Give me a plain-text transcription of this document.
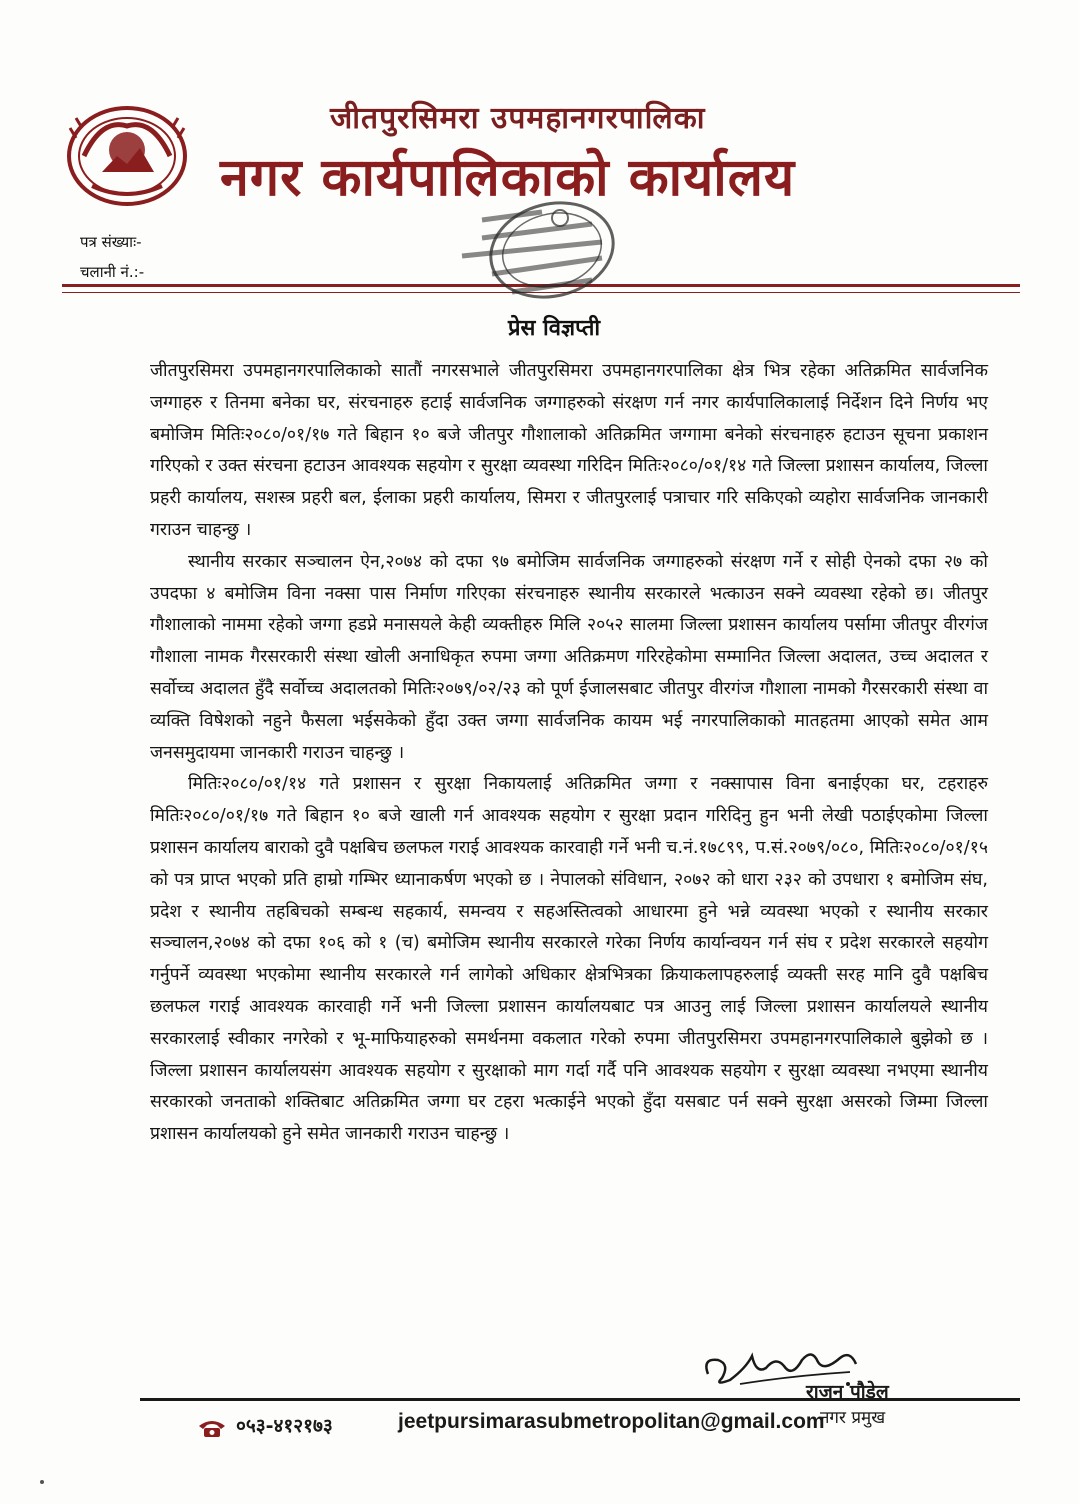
जीतपुरसिमरा उपमहानगरपालिका
नगर कार्यपालिकाको कार्यालय
पत्र संख्याः-
चलानी नं.:-
प्रेस विज्ञप्ती

जीतपुरसिमरा उपमहानगरपालिकाको सातौं नगरसभाले जीतपुरसिमरा उपमहानगरपालिका क्षेत्र भित्र रहेका अतिक्रमित सार्वजनिक जग्गाहरु र तिनमा बनेका घर, संरचनाहरु हटाई सार्वजनिक जग्गाहरुको संरक्षण गर्न नगर कार्यपालिकालाई निर्देशन दिने निर्णय भए बमोजिम मितिः२०८०/०१/१७ गते बिहान १० बजे जीतपुर गौशालाको अतिक्रमित जग्गामा बनेको संरचनाहरु हटाउन सूचना प्रकाशन गरिएको र उक्त संरचना हटाउन आवश्यक सहयोग र सुरक्षा व्यवस्था गरिदिन मितिः२०८०/०१/१४ गते जिल्ला प्रशासन कार्यालय, जिल्ला प्रहरी कार्यालय, सशस्त्र प्रहरी बल, ईलाका प्रहरी कार्यालय, सिमरा र जीतपुरलाई पत्राचार गरि सकिएको व्यहोरा सार्वजनिक जानकारी गराउन चाहन्छु ।

स्थानीय सरकार सञ्चालन ऐन,२०७४ को दफा ९७ बमोजिम सार्वजनिक जग्गाहरुको संरक्षण गर्ने र सोही ऐनको दफा २७ को उपदफा ४ बमोजिम विना नक्सा पास निर्माण गरिएका संरचनाहरु स्थानीय सरकारले भत्काउन सक्ने व्यवस्था रहेको छ। जीतपुर गौशालाको नाममा रहेको जग्गा हडप्ने मनासयले केही व्यक्तीहरु मिलि २०५२ सालमा जिल्ला प्रशासन कार्यालय पर्सामा जीतपुर वीरगंज गौशाला नामक गैरसरकारी संस्था खोली अनाधिकृत रुपमा जग्गा अतिक्रमण गरिरहेकोमा सम्मानित जिल्ला अदालत, उच्च अदालत र सर्वोच्च अदालत हुँदै सर्वोच्च अदालतको मितिः२०७९/०२/२३ को पूर्ण ईजालसबाट जीतपुर वीरगंज गौशाला नामको गैरसरकारी संस्था वा व्यक्ति विषेशको नहुने फैसला भईसकेको हुँदा उक्त जग्गा सार्वजनिक कायम भई नगरपालिकाको मातहतमा आएको समेत आम जनसमुदायमा जानकारी गराउन चाहन्छु ।

मितिः२०८०/०१/१४ गते प्रशासन र सुरक्षा निकायलाई अतिक्रमित जग्गा र नक्सापास विना बनाईएका घर, टहराहरु मितिः२०८०/०१/१७ गते बिहान १० बजे खाली गर्न आवश्यक सहयोग र सुरक्षा प्रदान गरिदिनु हुन भनी लेखी पठाईएकोमा जिल्ला प्रशासन कार्यालय बाराको दुवै पक्षबिच छलफल गराई आवश्यक कारवाही गर्ने भनी च.नं.१७८९९, प.सं.२०७९/०८०, मितिः२०८०/०१/१५ को पत्र प्राप्त भएको प्रति हाम्रो गम्भिर ध्यानाकर्षण भएको छ । नेपालको संविधान, २०७२ को धारा २३२ को उपधारा १ बमोजिम संघ, प्रदेश र स्थानीय तहबिचको सम्बन्ध सहकार्य, समन्वय र सहअस्तित्वको आधारमा हुने भन्ने व्यवस्था भएको र स्थानीय सरकार सञ्चालन,२०७४ को दफा १०६ को १ (च) बमोजिम स्थानीय सरकारले गरेका निर्णय कार्यान्वयन गर्न संघ र प्रदेश सरकारले सहयोग गर्नुपर्ने व्यवस्था भएकोमा स्थानीय सरकारले गर्न लागेको अधिकार क्षेत्रभित्रका क्रियाकलापहरुलाई व्यक्ती सरह मानि दुवै पक्षबिच छलफल गराई आवश्यक कारवाही गर्ने भनी जिल्ला प्रशासन कार्यालयबाट पत्र आउनु लाई जिल्ला प्रशासन कार्यालयले स्थानीय सरकारलाई स्वीकार नगरेको र भू-माफियाहरुको समर्थनमा वकलात गरेको रुपमा जीतपुरसिमरा उपमहानगरपालिकाले बुझेको छ । जिल्ला प्रशासन कार्यालयसंग आवश्यक सहयोग र सुरक्षाको माग गर्दा गर्दै पनि आवश्यक सहयोग र सुरक्षा व्यवस्था नभएमा स्थानीय सरकारको जनताको शक्तिबाट अतिक्रमित जग्गा घर टहरा भत्काईने भएको हुँदा यसबाट पर्न सक्ने सुरक्षा असरको जिम्मा जिल्ला प्रशासन कार्यालयको हुने समेत जानकारी गराउन चाहन्छु ।

राजन पौडेल
नगर प्रमुख
०५३-४१२१७३	jeetpursimarasubmetropolitan@gmail.com
